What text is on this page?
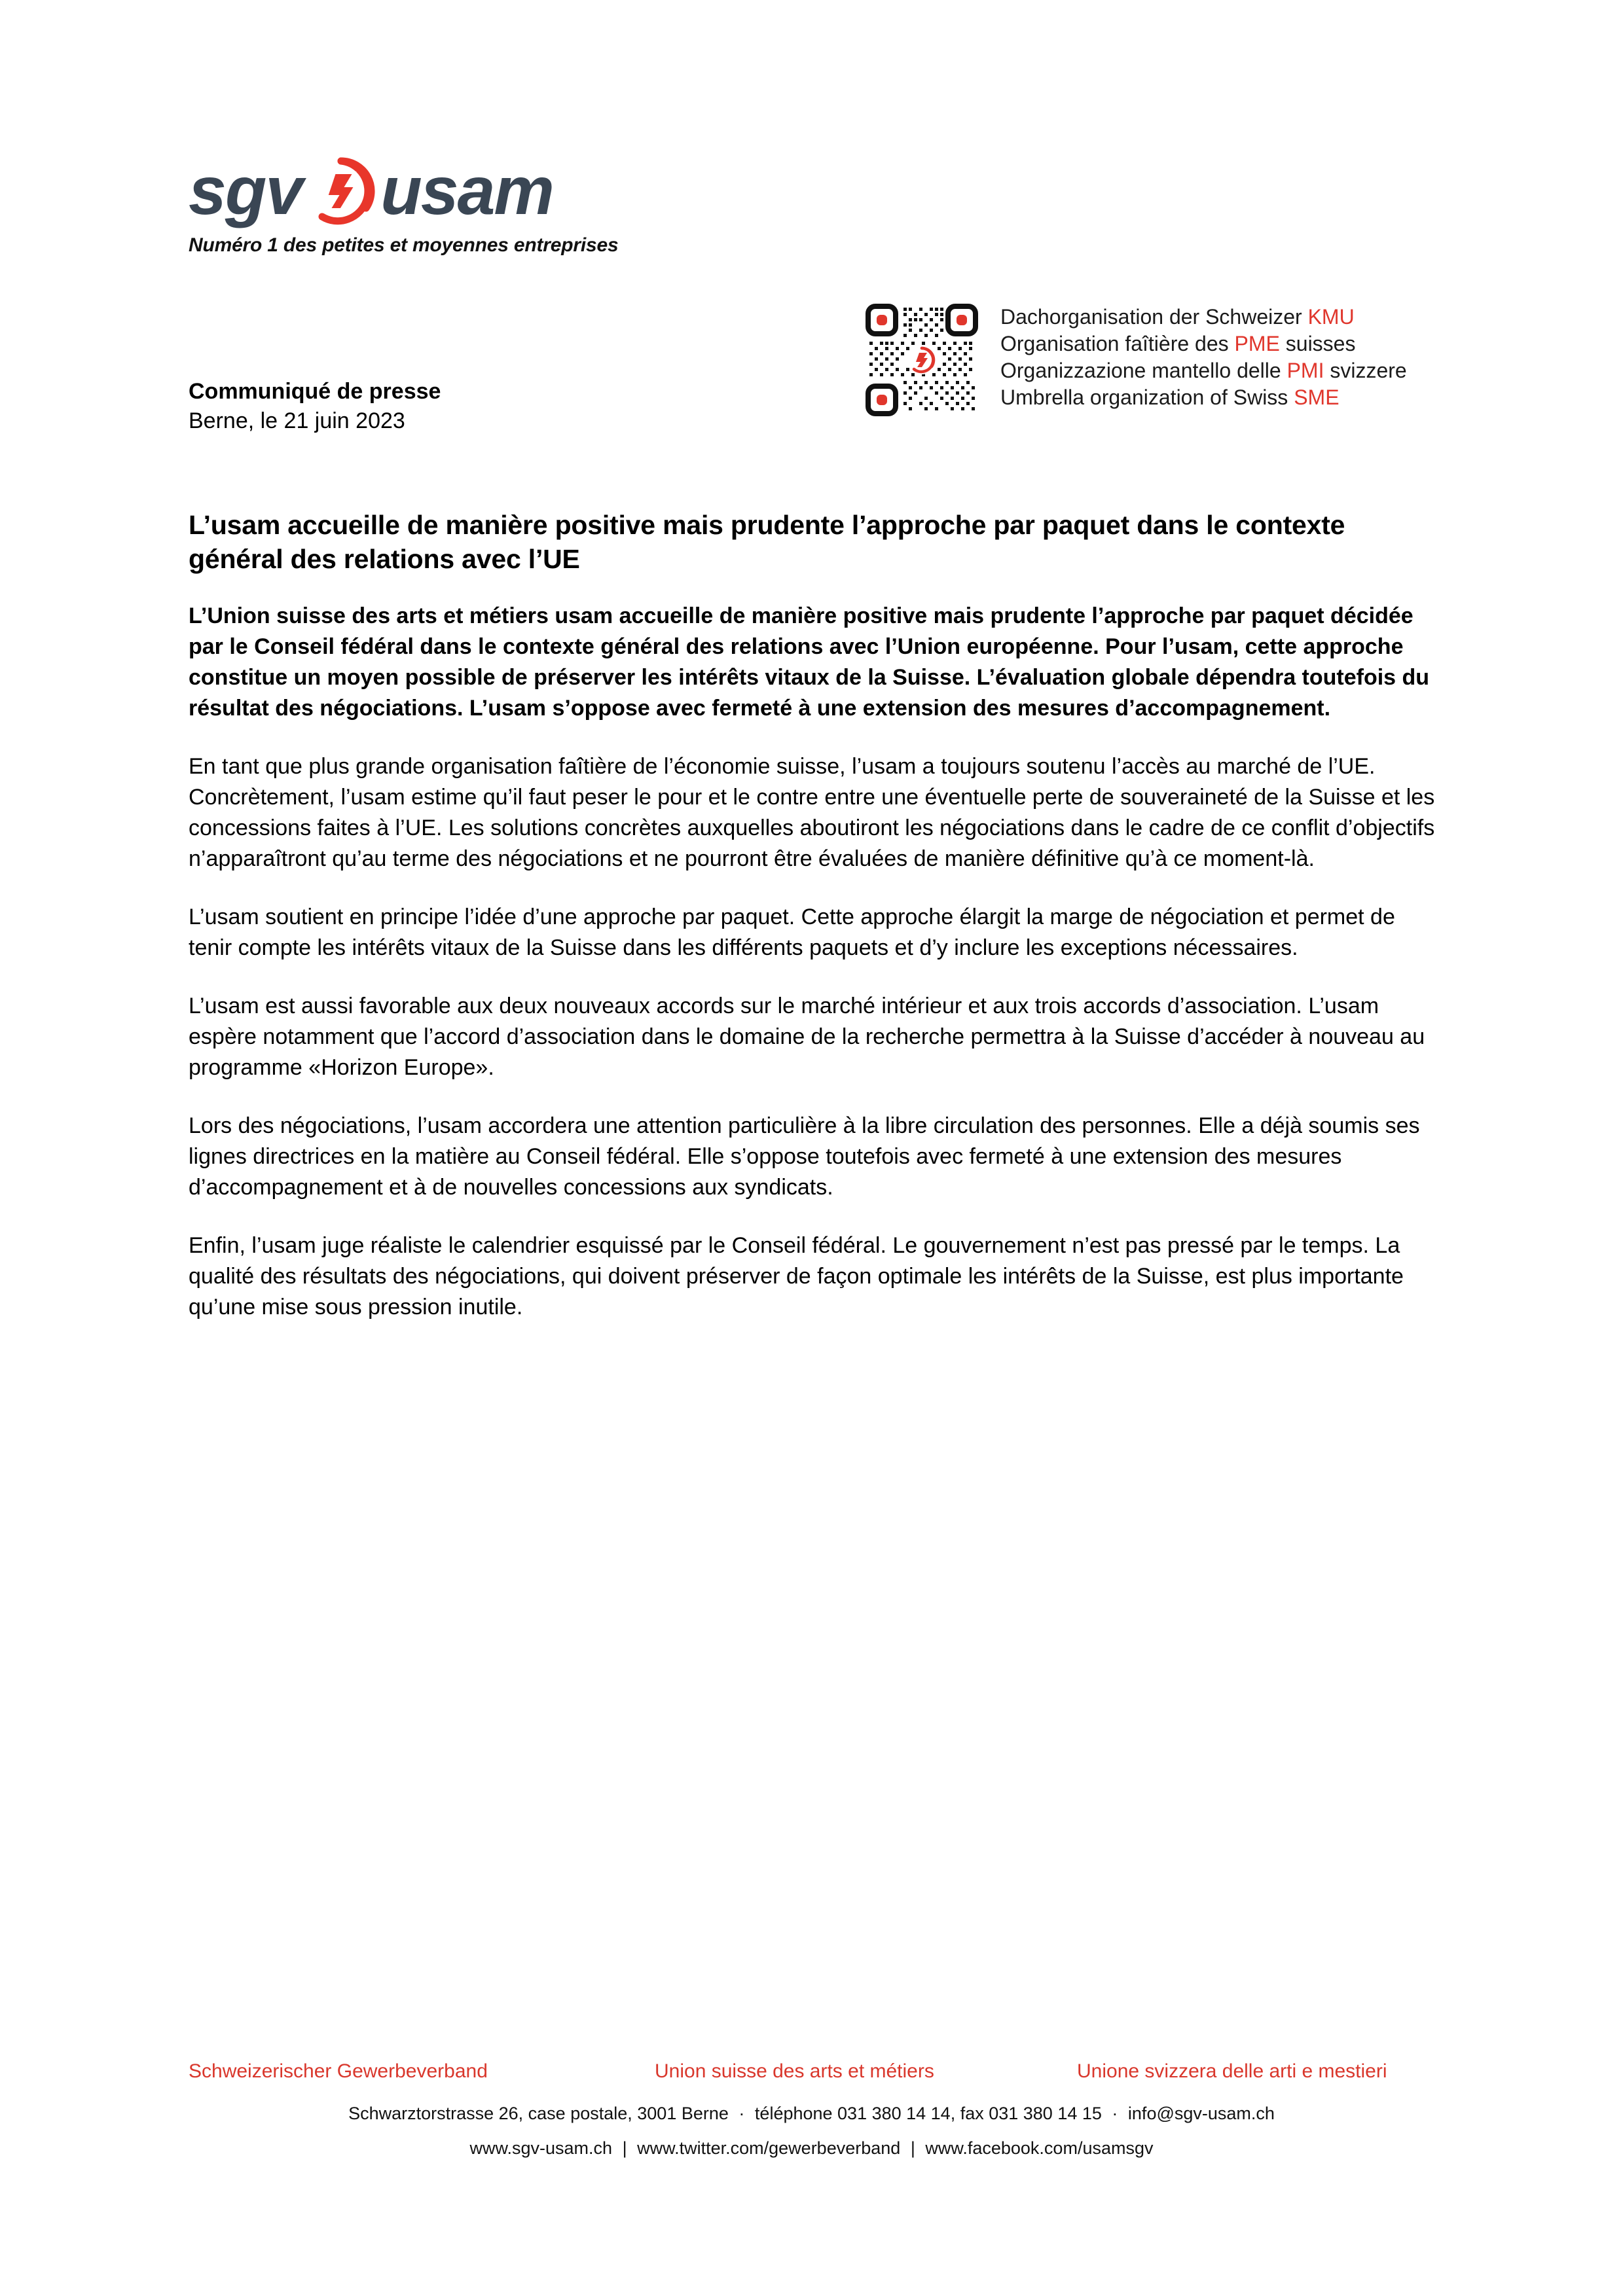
sgv usam
Numéro 1 des petites et moyennes entreprises
Dachorganisation der Schweizer KMU
Organisation faîtière des PME suisses
Organizzazione mantello delle PMI svizzere
Umbrella organization of Swiss SME
Communiqué de presse
Berne, le 21 juin 2023
L’usam accueille de manière positive mais prudente l’approche par paquet dans le contexte général des relations avec l’UE

L’Union suisse des arts et métiers usam accueille de manière positive mais prudente l’approche par paquet décidée par le Conseil fédéral dans le contexte général des relations avec l’Union européenne. Pour l’usam, cette approche constitue un moyen possible de préserver les intérêts vitaux de la Suisse. L’évaluation globale dépendra toutefois du résultat des négociations. L’usam s’oppose avec fermeté à une extension des mesures d’accompagnement.

En tant que plus grande organisation faîtière de l’économie suisse, l’usam a toujours soutenu l’accès au marché de l’UE. Concrètement, l’usam estime qu’il faut peser le pour et le contre entre une éventuelle perte de souveraineté de la Suisse et les concessions faites à l’UE. Les solutions concrètes auxquelles aboutiront les négociations dans le cadre de ce conflit d’objectifs n’apparaîtront qu’au terme des négociations et ne pourront être évaluées de manière définitive qu’à ce moment-là.

L’usam soutient en principe l’idée d’une approche par paquet. Cette approche élargit la marge de négociation et permet de tenir compte les intérêts vitaux de la Suisse dans les différents paquets et d’y inclure les exceptions nécessaires.

L’usam est aussi favorable aux deux nouveaux accords sur le marché intérieur et aux trois accords d’association. L’usam espère notamment que l’accord d’association dans le domaine de la recherche permettra à la Suisse d’accéder à nouveau au programme «Horizon Europe».

Lors des négociations, l’usam accordera une attention particulière à la libre circulation des personnes. Elle a déjà soumis ses lignes directrices en la matière au Conseil fédéral. Elle s’oppose toutefois avec fermeté à une extension des mesures d’accompagnement et à de nouvelles concessions aux syndicats.

Enfin, l’usam juge réaliste le calendrier esquissé par le Conseil fédéral. Le gouvernement n’est pas pressé par le temps. La qualité des résultats des négociations, qui doivent préserver de façon optimale les intérêts de la Suisse, est plus importante qu’une mise sous pression inutile.

Schweizerischer Gewerbeverband	Union suisse des arts et métiers	Unione svizzera delle arti e mestieri
Schwarztorstrasse 26, case postale, 3001 Berne · téléphone 031 380 14 14, fax 031 380 14 15 · info@sgv-usam.ch
www.sgv-usam.ch | www.twitter.com/gewerbeverband | www.facebook.com/usamsgv
